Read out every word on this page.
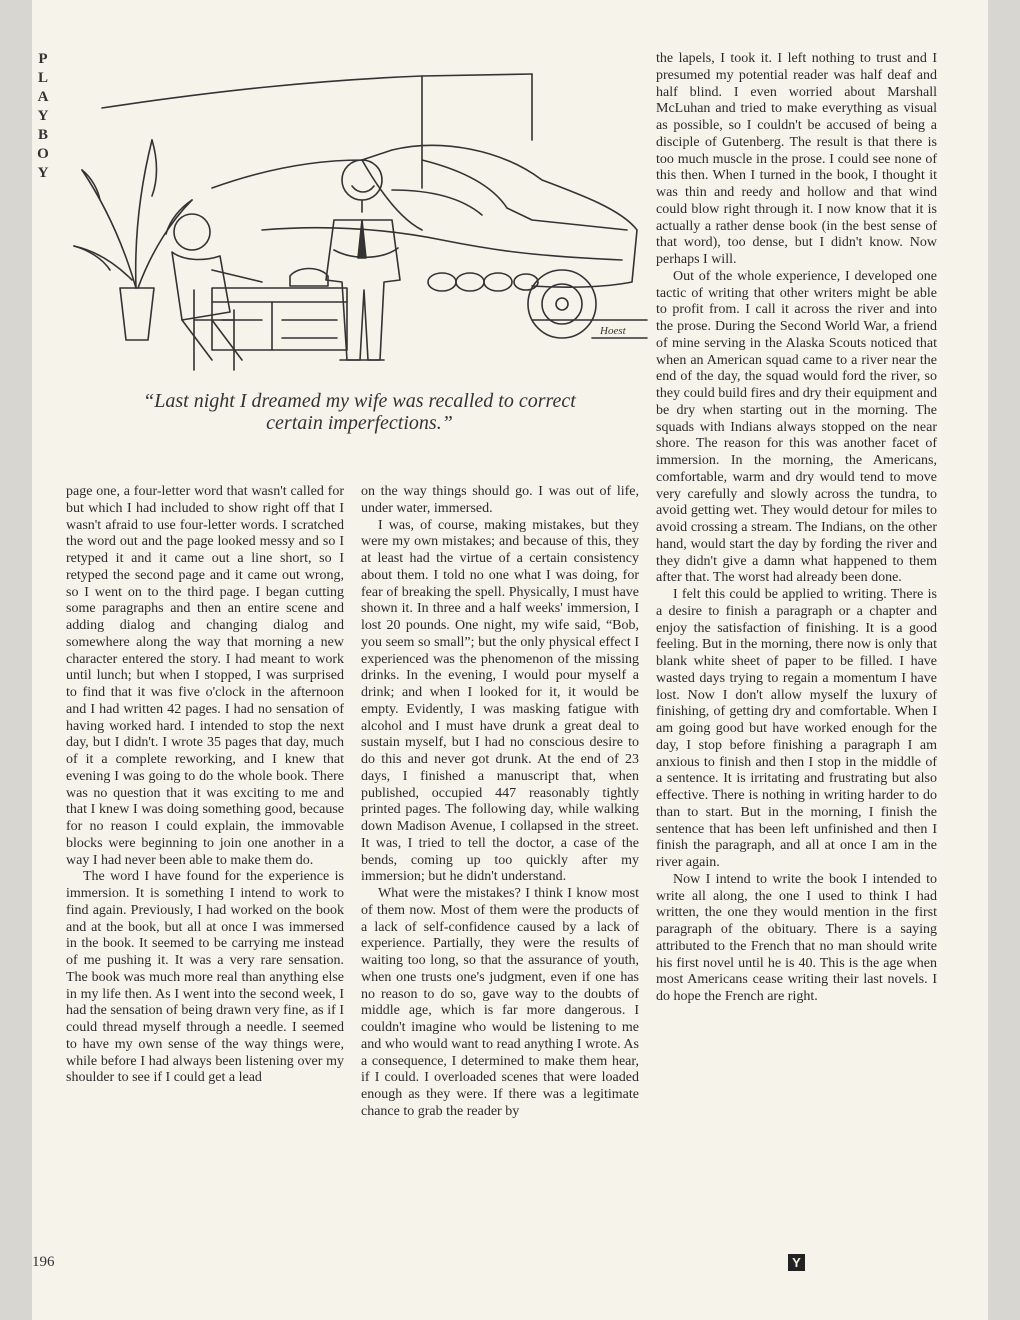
P
L
A
Y
B
O
Y
Hoest
“Last night I dreamed my wife was recalled to correct certain imperfections.”

page one, a four-letter word that wasn't called for but which I had included to show right off that I wasn't afraid to use four-letter words. I scratched the word out and the page looked messy and so I retyped it and it came out a line short, so I retyped the second page and it came out wrong, so I went on to the third page. I began cutting some paragraphs and then an entire scene and adding dialog and changing dialog and somewhere along the way that morning a new character entered the story. I had meant to work until lunch; but when I stopped, I was surprised to find that it was five o'clock in the afternoon and I had written 42 pages. I had no sensation of having worked hard. I intended to stop the next day, but I didn't. I wrote 35 pages that day, much of it a complete reworking, and I knew that evening I was going to do the whole book. There was no question that it was exciting to me and that I knew I was doing something good, because for no reason I could explain, the immovable blocks were beginning to join one another in a way I had never been able to make them do.

The word I have found for the experience is immersion. It is something I intend to work to find again. Previously, I had worked on the book and at the book, but all at once I was immersed in the book. It seemed to be carrying me instead of me pushing it. It was a very rare sensation. The book was much more real than anything else in my life then. As I went into the second week, I had the sensation of being drawn very fine, as if I could thread myself through a needle. I seemed to have my own sense of the way things were, while before I had always been listening over my shoulder to see if I could get a lead

on the way things should go. I was out of life, under water, immersed.

I was, of course, making mistakes, but they were my own mistakes; and because of this, they at least had the virtue of a certain consistency about them. I told no one what I was doing, for fear of breaking the spell. Physically, I must have shown it. In three and a half weeks' immersion, I lost 20 pounds. One night, my wife said, “Bob, you seem so small”; but the only physical effect I experienced was the phenomenon of the missing drinks. In the evening, I would pour myself a drink; and when I looked for it, it would be empty. Evidently, I was masking fatigue with alcohol and I must have drunk a great deal to sustain myself, but I had no conscious desire to do this and never got drunk. At the end of 23 days, I finished a manuscript that, when published, occupied 447 reasonably tightly printed pages. The following day, while walking down Madison Avenue, I collapsed in the street. It was, I tried to tell the doctor, a case of the bends, coming up too quickly after my immersion; but he didn't understand.

What were the mistakes? I think I know most of them now. Most of them were the products of a lack of self-confidence caused by a lack of experience. Partially, they were the results of waiting too long, so that the assurance of youth, when one trusts one's judgment, even if one has no reason to do so, gave way to the doubts of middle age, which is far more dangerous. I couldn't imagine who would be listening to me and who would want to read anything I wrote. As a consequence, I determined to make them hear, if I could. I overloaded scenes that were loaded enough as they were. If there was a legitimate chance to grab the reader by

the lapels, I took it. I left nothing to trust and I presumed my potential reader was half deaf and half blind. I even worried about Marshall McLuhan and tried to make everything as visual as possible, so I couldn't be accused of being a disciple of Gutenberg. The result is that there is too much muscle in the prose. I could see none of this then. When I turned in the book, I thought it was thin and reedy and hollow and that wind could blow right through it. I now know that it is actually a rather dense book (in the best sense of that word), too dense, but I didn't know. Now perhaps I will.

Out of the whole experience, I developed one tactic of writing that other writers might be able to profit from. I call it across the river and into the prose. During the Second World War, a friend of mine serving in the Alaska Scouts noticed that when an American squad came to a river near the end of the day, the squad would ford the river, so they could build fires and dry their equipment and be dry when starting out in the morning. The squads with Indians always stopped on the near shore. The reason for this was another facet of immersion. In the morning, the Americans, comfortable, warm and dry would tend to move very carefully and slowly across the tundra, to avoid getting wet. They would detour for miles to avoid crossing a stream. The Indians, on the other hand, would start the day by fording the river and they didn't give a damn what happened to them after that. The worst had already been done.

I felt this could be applied to writing. There is a desire to finish a paragraph or a chapter and enjoy the satisfaction of finishing. It is a good feeling. But in the morning, there now is only that blank white sheet of paper to be filled. I have wasted days trying to regain a momentum I have lost. Now I don't allow myself the luxury of finishing, of getting dry and comfortable. When I am going good but have worked enough for the day, I stop before finishing a paragraph I am anxious to finish and then I stop in the middle of a sentence. It is irritating and frustrating but also effective. There is nothing in writing harder to do than to start. But in the morning, I finish the sentence that has been left unfinished and then I finish the paragraph, and all at once I am in the river again.

Now I intend to write the book I intended to write all along, the one I used to think I had written, the one they would mention in the first paragraph of the obituary. There is a saying attributed to the French that no man should write his first novel until he is 40. This is the age when most Americans cease writing their last novels. I do hope the French are right.

196	Y
